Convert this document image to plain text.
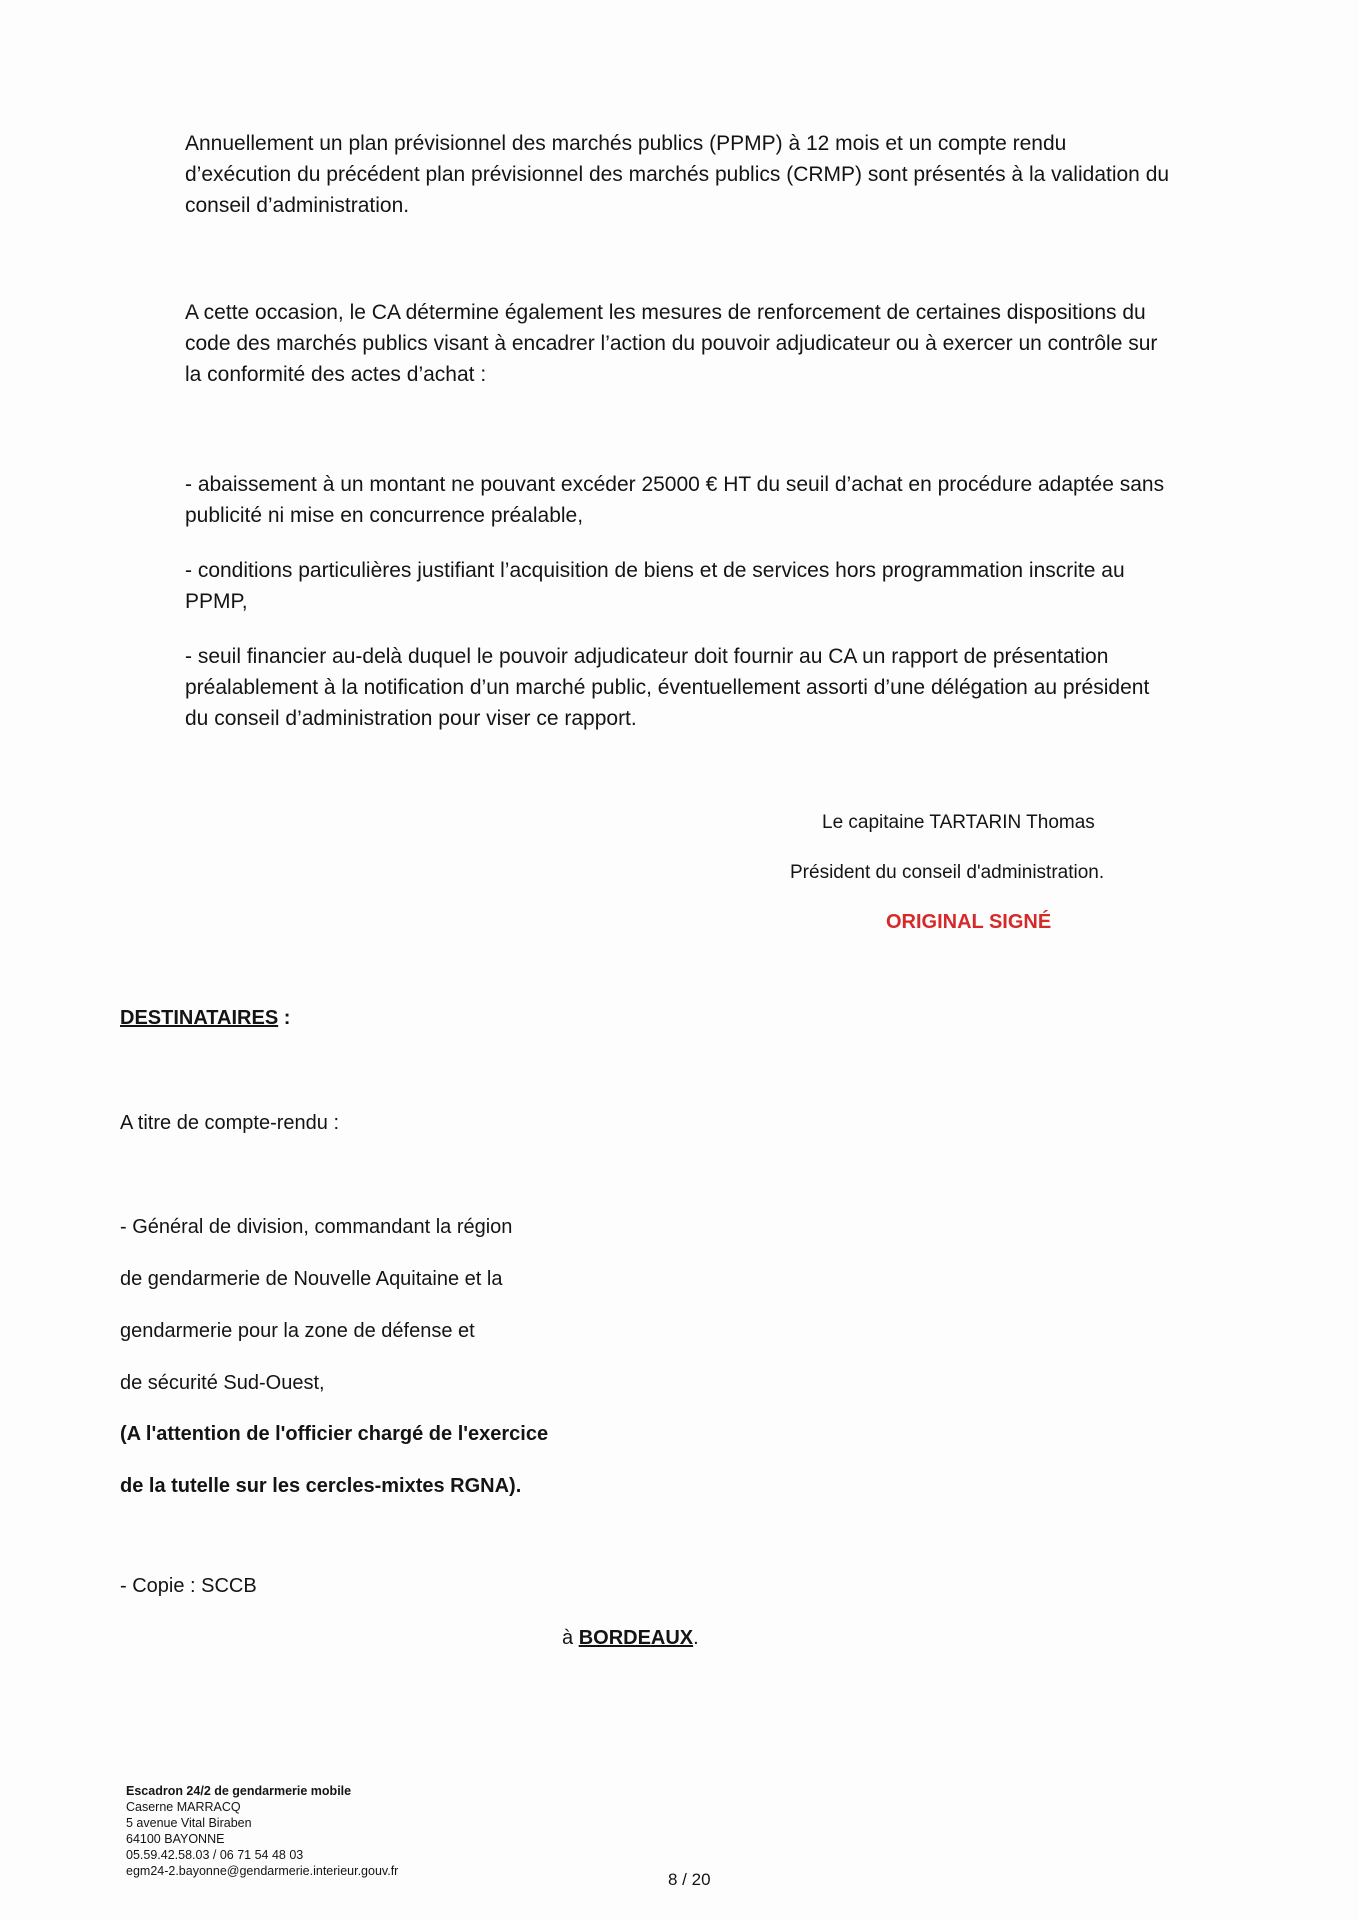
Annuellement un plan prévisionnel des marchés publics (PPMP) à 12 mois et un compte rendu
d’exécution du précédent plan prévisionnel des marchés publics (CRMP) sont présentés à la validation du
conseil d’administration.
A cette occasion, le CA détermine également les mesures de renforcement de certaines dispositions du
code des marchés publics visant à encadrer l’action du pouvoir adjudicateur ou à exercer un contrôle sur
la conformité des actes d’achat :
- abaissement à un montant ne pouvant excéder 25000 € HT du seuil d’achat en procédure adaptée sans
publicité ni mise en concurrence préalable,
- conditions particulières justifiant l’acquisition de biens et de services hors programmation inscrite au
PPMP,
- seuil financier au-delà duquel le pouvoir adjudicateur doit fournir au CA un rapport de présentation
préalablement à la notification d’un marché public, éventuellement assorti d’une délégation au président
du conseil d’administration pour viser ce rapport.
Le capitaine TARTARIN Thomas
Président du conseil d'administration.
ORIGINAL SIGNÉ
DESTINATAIRES :
A titre de compte-rendu :
- Général de division, commandant la région
de gendarmerie de Nouvelle Aquitaine et la
gendarmerie pour la zone de défense et
de sécurité Sud-Ouest,
(A l'attention de l'officier chargé de l'exercice
de la tutelle sur les cercles-mixtes RGNA).
- Copie : SCCB
à BORDEAUX.
Escadron 24/2 de gendarmerie mobile
Caserne MARRACQ
5 avenue Vital Biraben
64100 BAYONNE
05.59.42.58.03 / 06 71 54 48 03
egm24-2.bayonne@gendarmerie.interieur.gouv.fr	8 / 20
